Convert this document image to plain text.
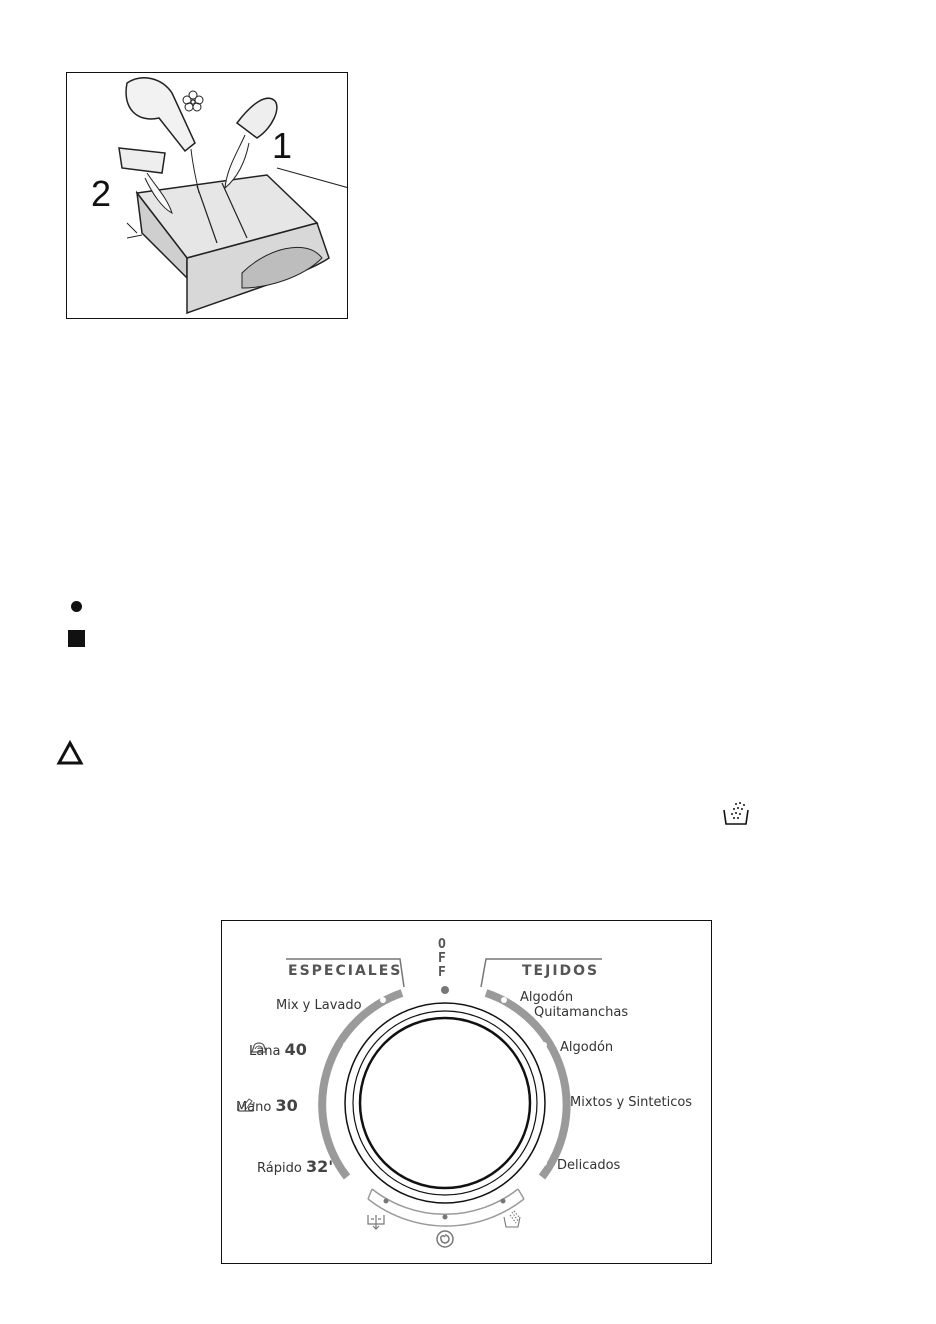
1
2
O
F
F
ESPECIALES	TEJIDOS
Mix y Lavado
Lana 40
Mano 30
Rápido 32'
Algodón
Quitamanchas
Algodón
Mixtos y Sinteticos
Delicados
